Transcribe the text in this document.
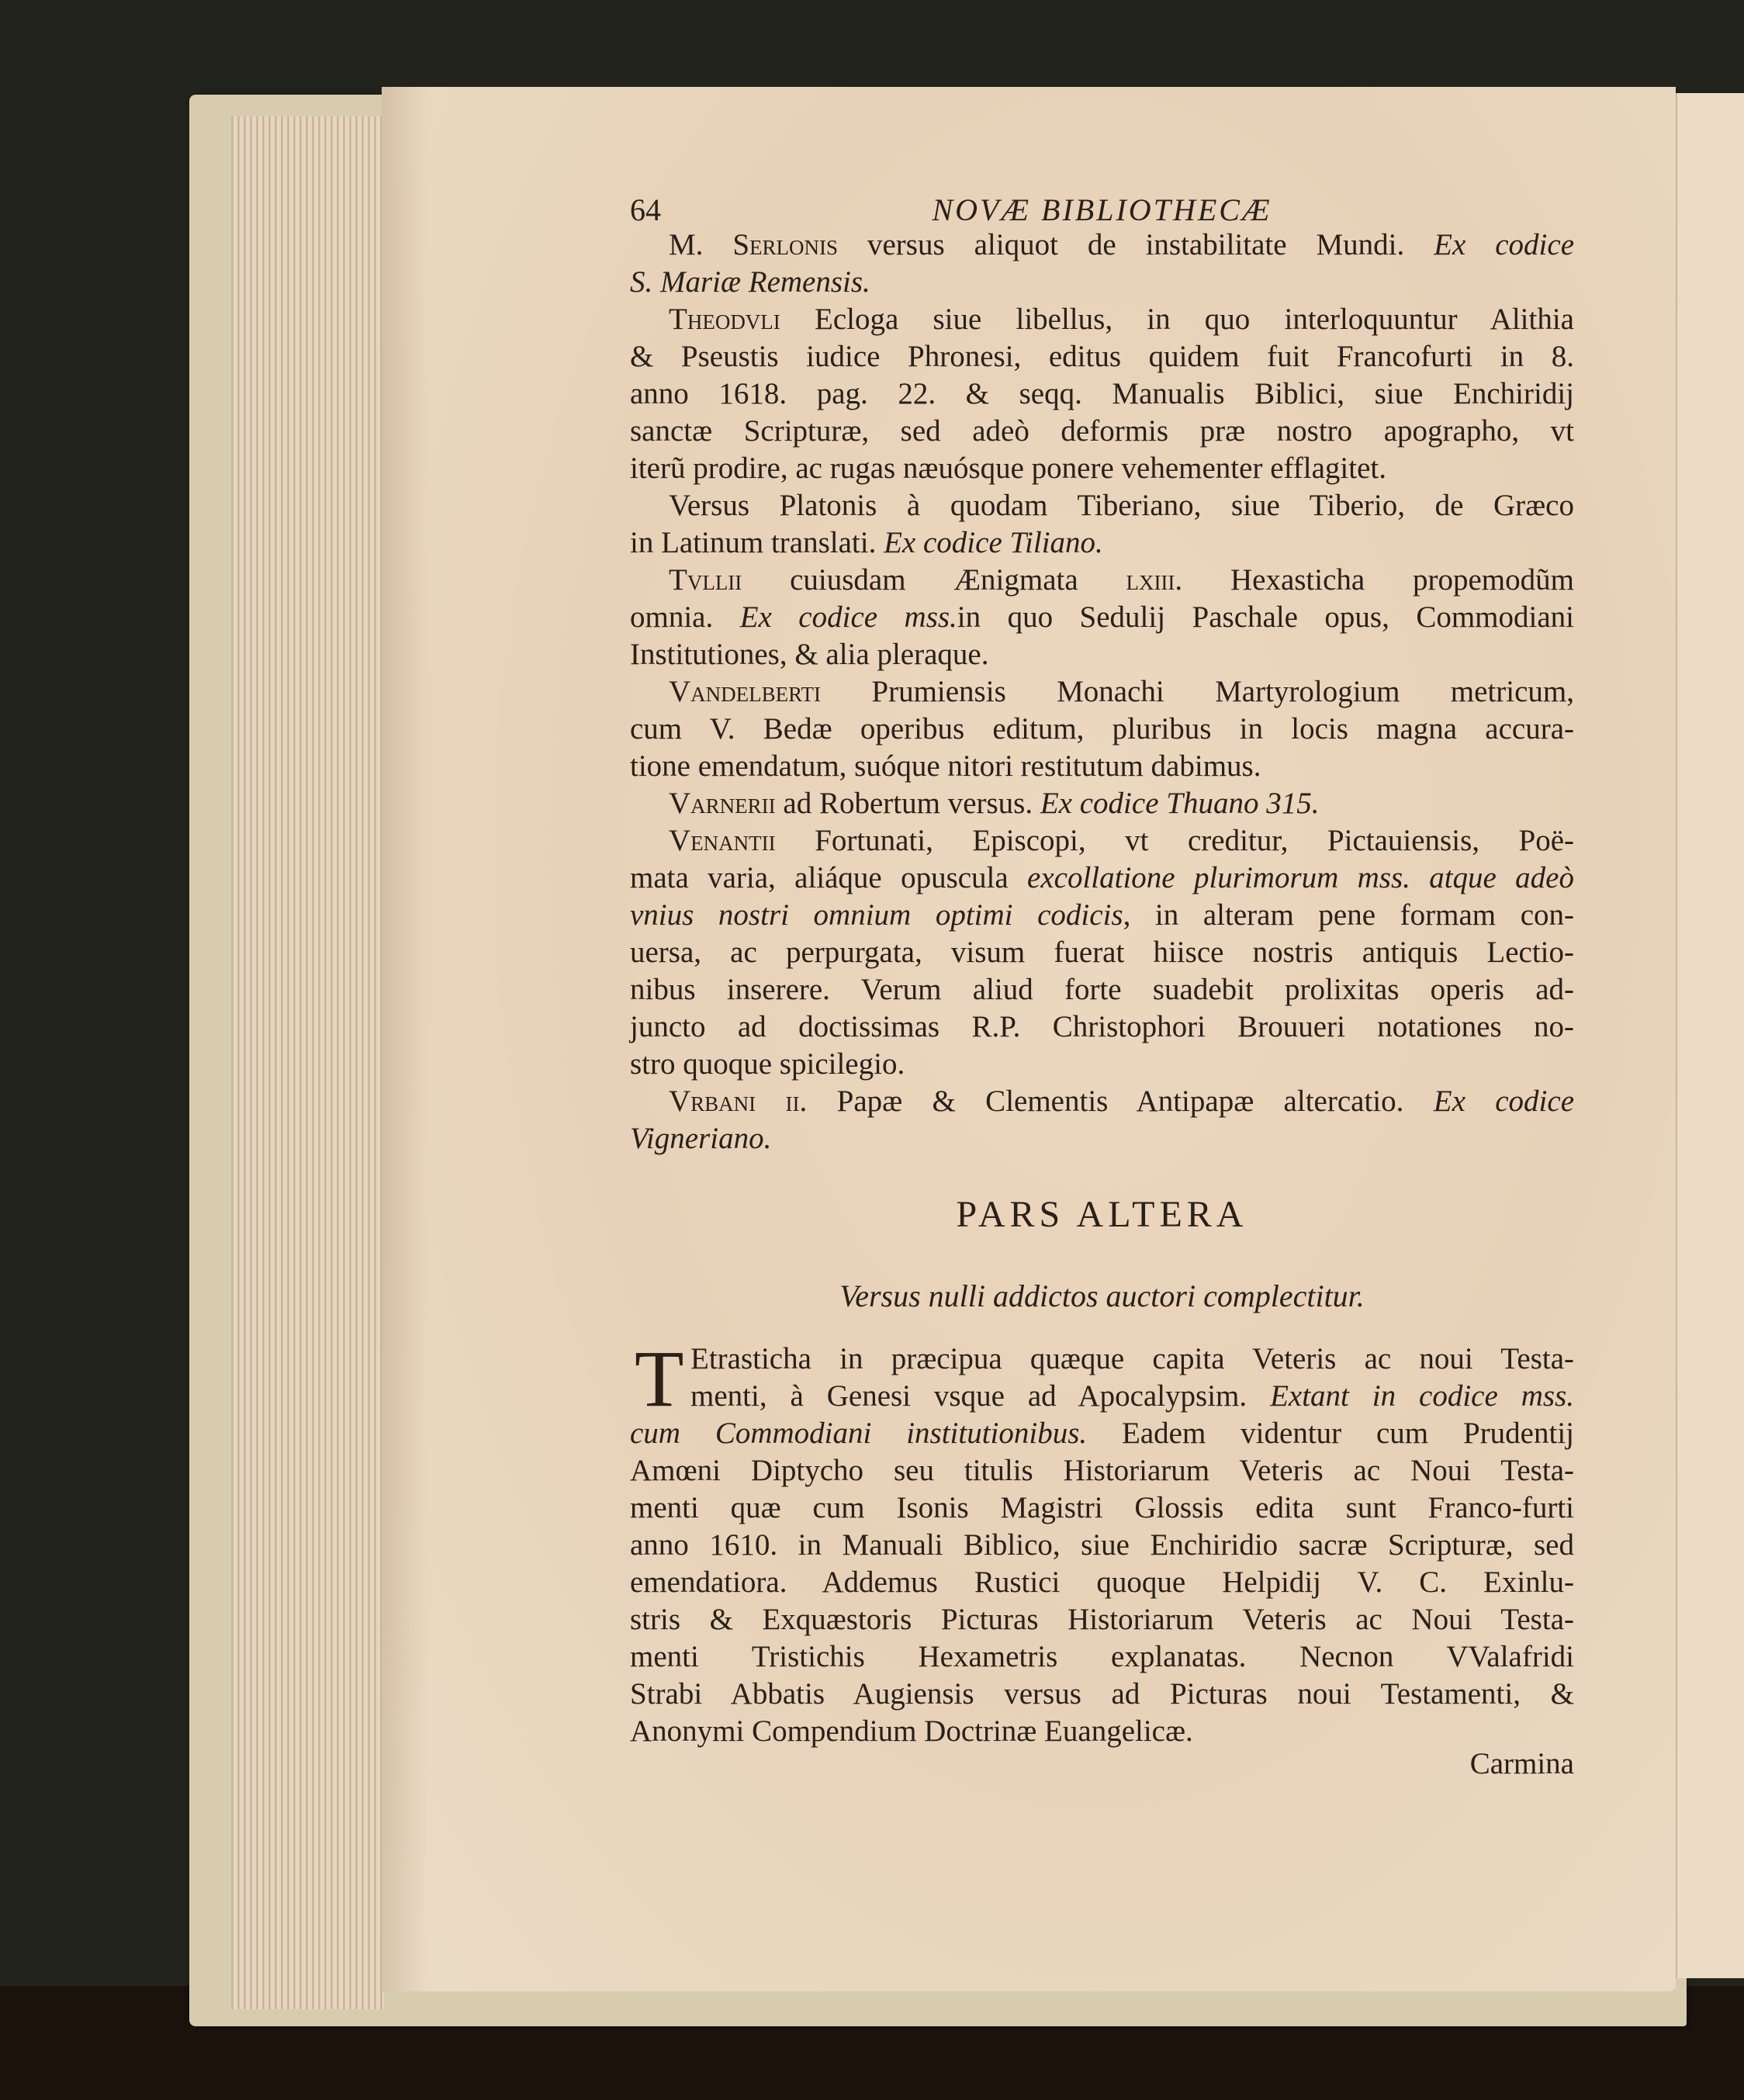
64	NOVÆ BIBLIOTHECÆ
M. Serlonis versus aliquot de instabilitate Mundi. Ex codice
S. Mariæ Remensis.
Theodvli Ecloga siue libellus, in quo interloquuntur Alithia
& Pseustis iudice Phronesi, editus quidem fuit Francofurti in 8.
anno 1618. pag. 22. & seqq. Manualis Biblici, siue Enchiridij
sanctæ Scripturæ, sed adeò deformis præ nostro apographo, vt
iterũ prodire, ac rugas næuósque ponere vehementer efflagitet.
Versus Platonis à quodam Tiberiano, siue Tiberio, de Græco
in Latinum translati. Ex codice Tiliano.
Tvllii cuiusdam Ænigmata lxiii. Hexasticha propemodũm
omnia. Ex codice mss.in quo Sedulij Paschale opus, Commodiani
Institutiones, & alia pleraque.
Vandelberti Prumiensis Monachi Martyrologium metricum,
cum V. Bedæ operibus editum, pluribus in locis magna accura-
tione emendatum, suóque nitori restitutum dabimus.
Varnerii ad Robertum versus. Ex codice Thuano 315.
Venantii Fortunati, Episcopi, vt creditur, Pictauiensis, Poë-
mata varia, aliáque opuscula excollatione plurimorum mss. atque adeò
vnius nostri omnium optimi codicis, in alteram pene formam con-
uersa, ac perpurgata, visum fuerat hiisce nostris antiquis Lectio-
nibus inserere. Verum aliud forte suadebit prolixitas operis ad-
juncto ad doctissimas R.P. Christophori Brouueri notationes no-
stro quoque spicilegio.
Vrbani ii. Papæ & Clementis Antipapæ altercatio. Ex codice
Vigneriano.
PARS ALTERA
Versus nulli addictos auctori complectitur.
T Etrasticha in præcipua quæque capita Veteris ac noui Testa-
menti, à Genesi vsque ad Apocalypsim. Extant in codice mss.
cum Commodiani institutionibus. Eadem videntur cum Prudentij
Amœni Diptycho seu titulis Historiarum Veteris ac Noui Testa-
menti quæ cum Isonis Magistri Glossis edita sunt Franco-furti
anno 1610. in Manuali Biblico, siue Enchiridio sacræ Scripturæ, sed
emendatiora. Addemus Rustici quoque Helpidij V. C. Exinlu-
stris & Exquæstoris Picturas Historiarum Veteris ac Noui Testa-
menti Tristichis Hexametris explanatas. Necnon VValafridi
Strabi Abbatis Augiensis versus ad Picturas noui Testamenti, &
Anonymi Compendium Doctrinæ Euangelicæ.
Carmina
